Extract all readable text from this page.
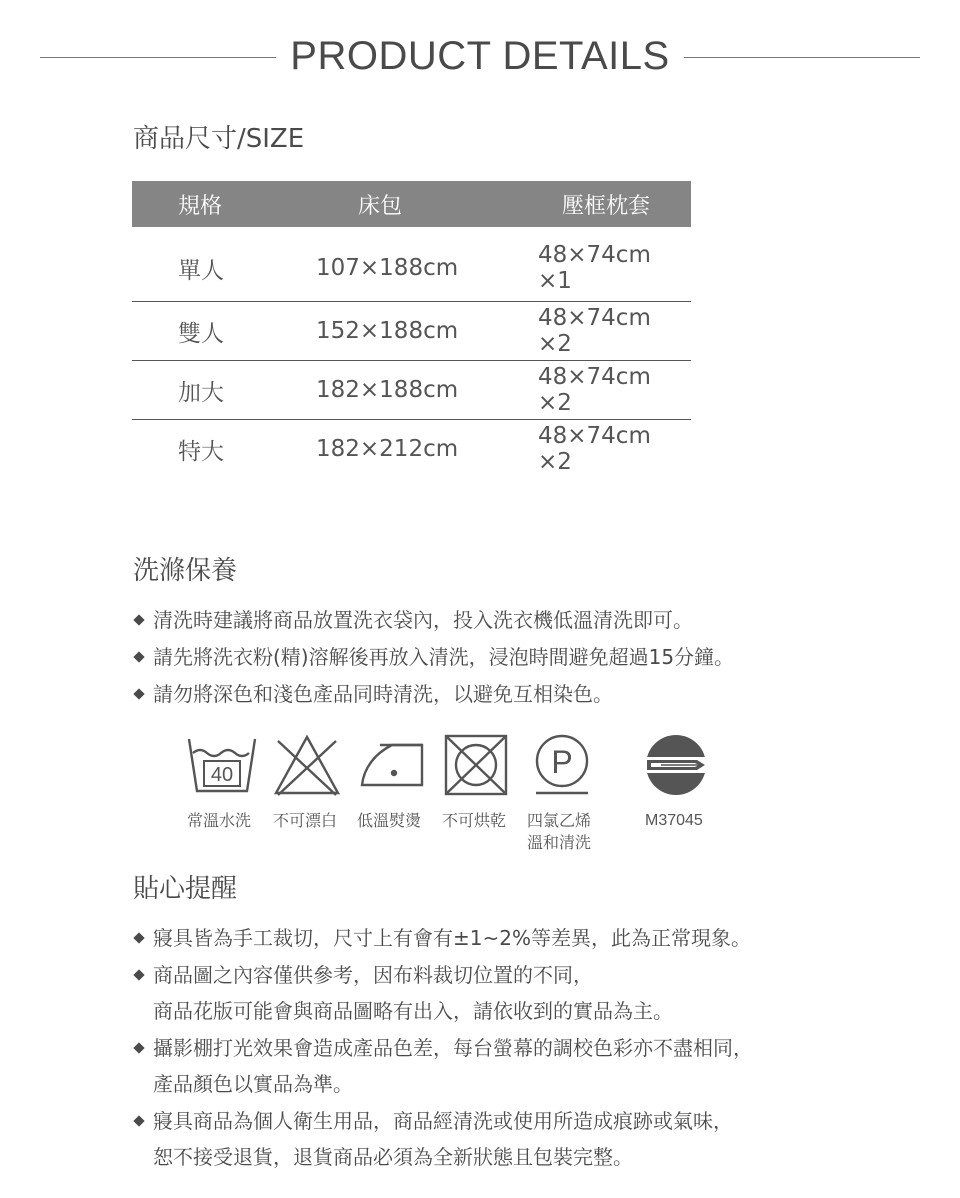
PRODUCT DETAILS
商品尺寸/SIZE
規格	床包	壓框枕套
單人	107×188cm	48×74cm ×1
雙人	152×188cm	48×74cm ×2
加大	182×188cm	48×74cm ×2
特大	182×212cm	48×74cm ×2
洗滌保養
清洗時建議將商品放置洗衣袋內，投入洗衣機低溫清洗即可。
請先將洗衣粉(精)溶解後再放入清洗，浸泡時間避免超過15分鐘。
請勿將深色和淺色產品同時清洗，以避免互相染色。
40	P
常溫水洗 不可漂白 低溫熨燙 不可烘乾 四氯乙烯
溫和清洗
M37045
貼心提醒
寢具皆為手工裁切，尺寸上有會有±1~2%等差異，此為正常現象。
商品圖之內容僅供參考，因布料裁切位置的不同，
商品花版可能會與商品圖略有出入，請依收到的實品為主。
攝影棚打光效果會造成產品色差，每台螢幕的調校色彩亦不盡相同，
產品顏色以實品為準。
寢具商品為個人衛生用品，商品經清洗或使用所造成痕跡或氣味，
恕不接受退貨，退貨商品必須為全新狀態且包裝完整。
